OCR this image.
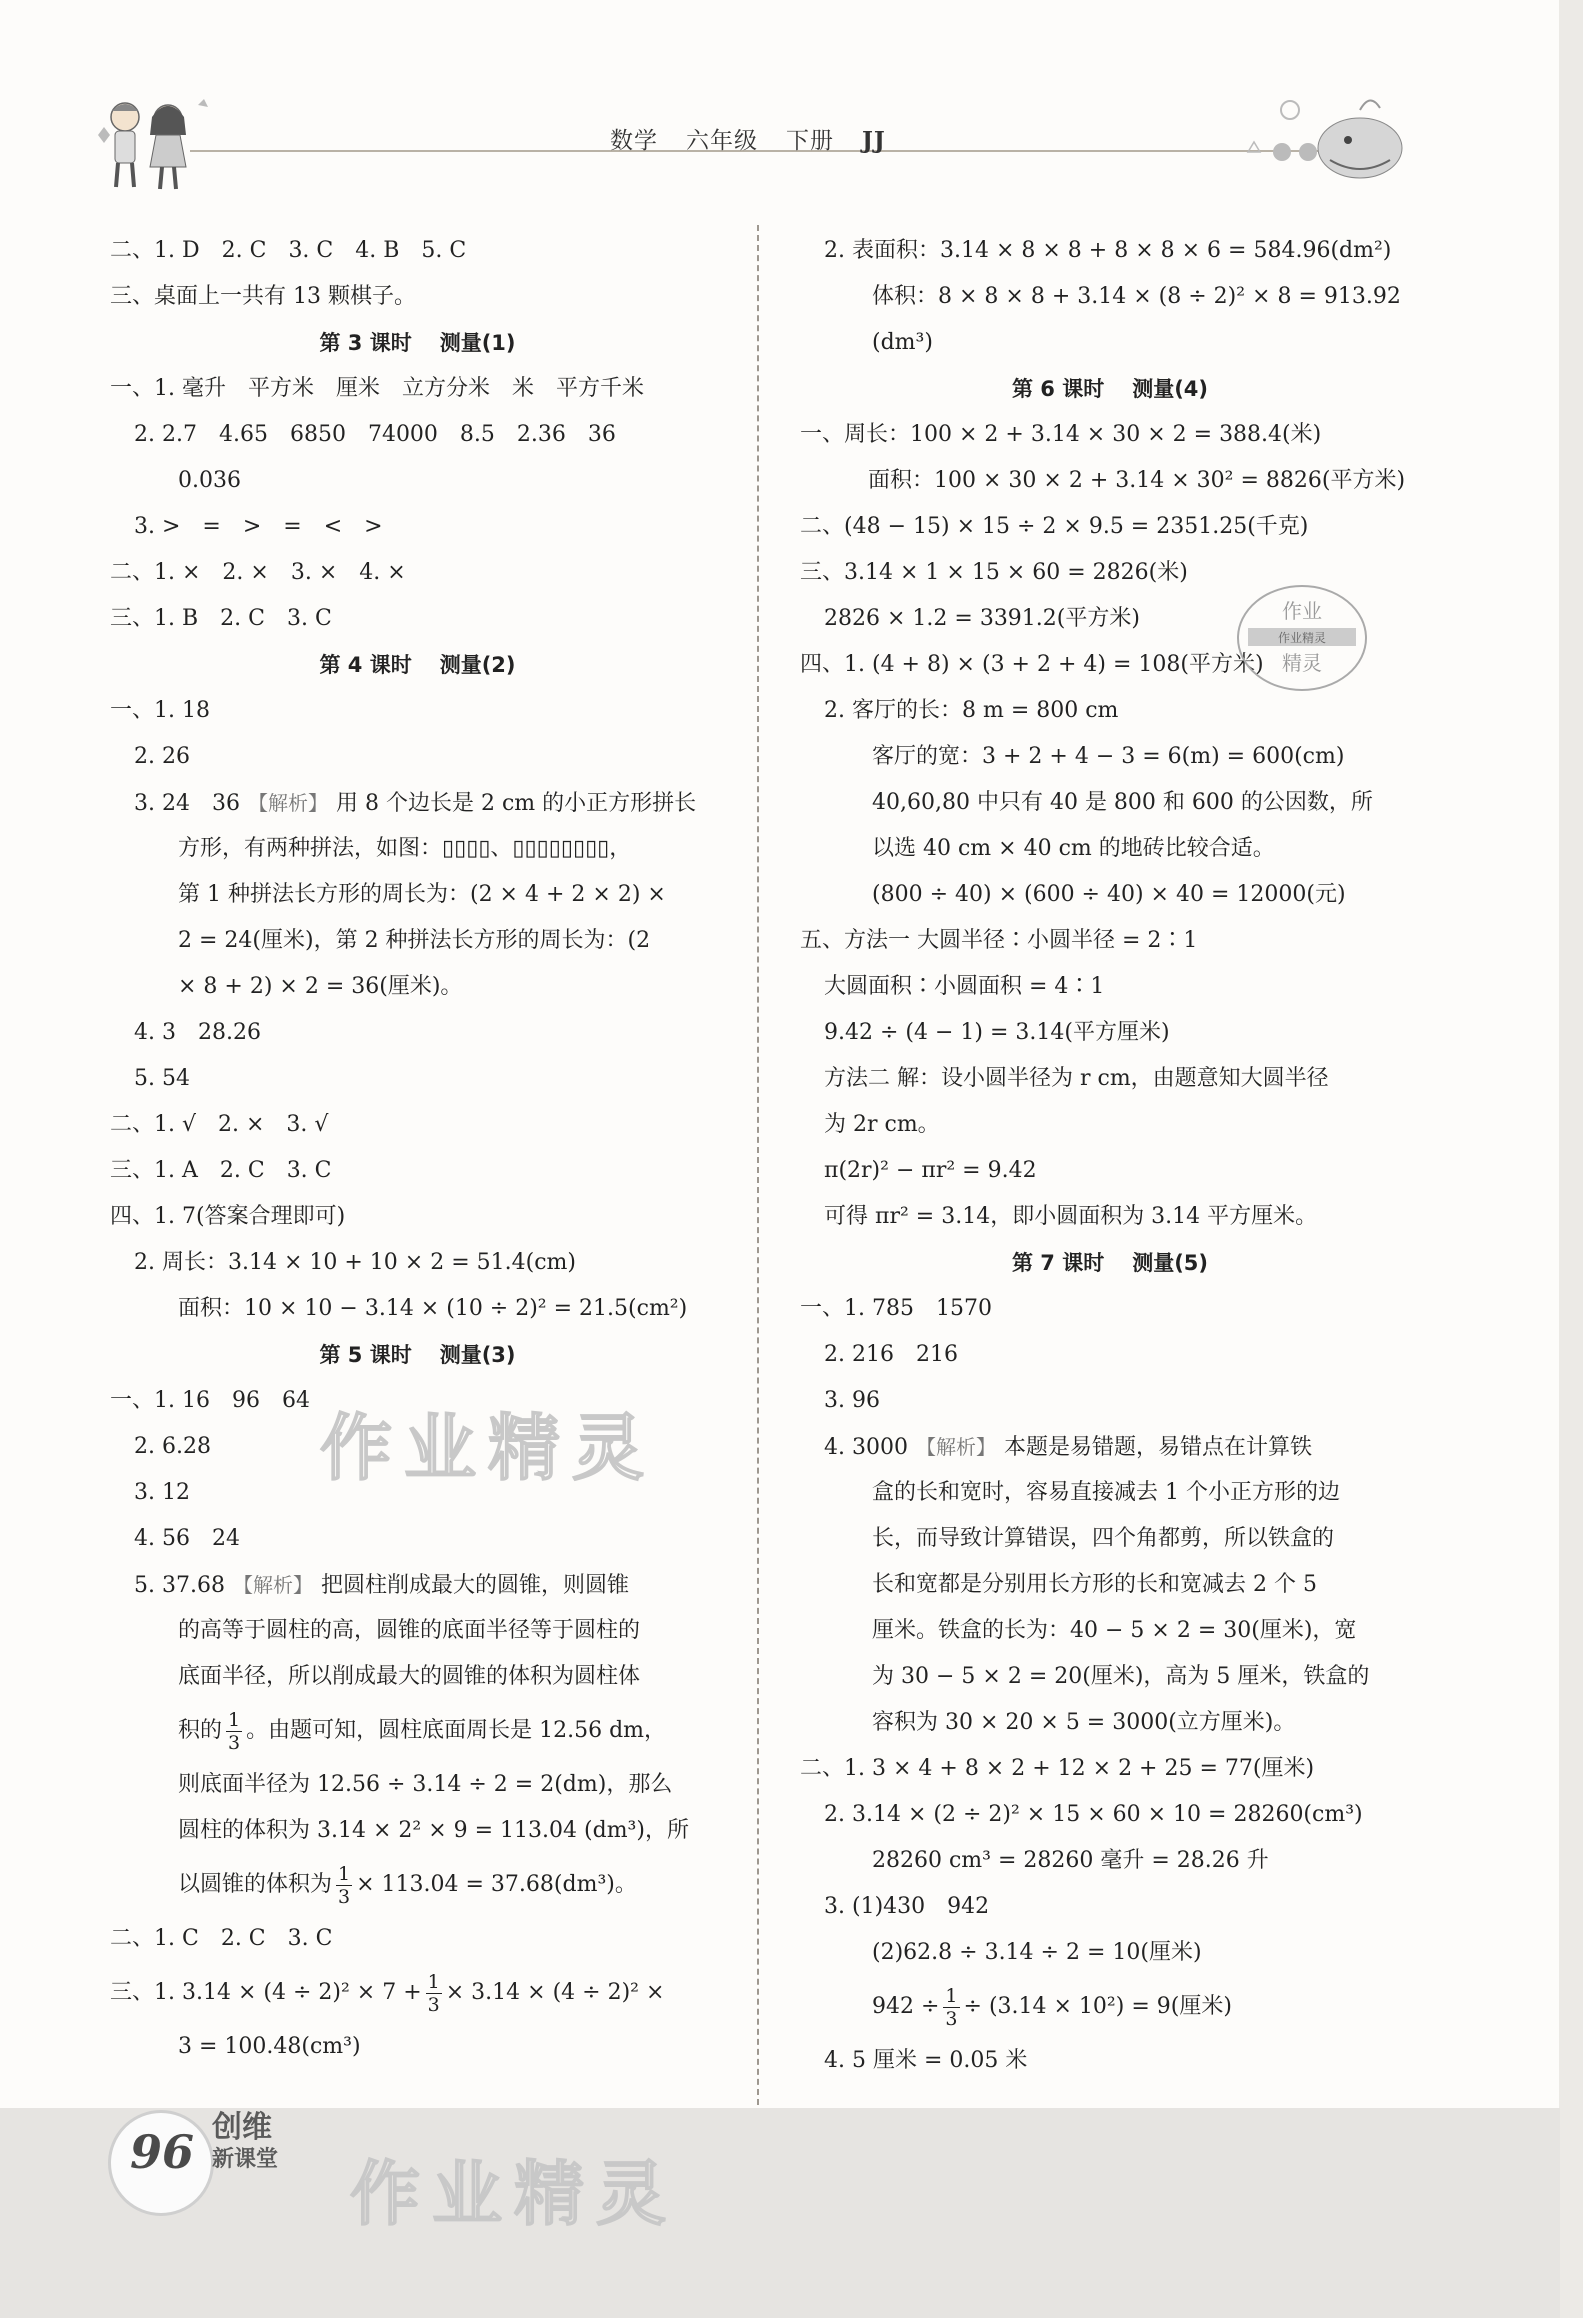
数学 六年级 下册 JJ
二、1. D　2. C　3. C　4. B　5. C
三、桌面上一共有 13 颗棋子。
第 3 课时 测量(1)
一、1. 毫升　平方米　厘米　立方分米　米　平方千米
2. 2.7　4.65　6850　74000　8.5　2.36　36
0.036
3. >　=　>　=　<　>
二、1. ×　2. ×　3. ×　4. ×
三、1. B　2. C　3. C
第 4 课时 测量(2)
一、1. 18
2. 26
3. 24　36 【解析】 用 8 个边长是 2 cm 的小正方形拼长
方形，有两种拼法，如图：▯▯▯▯、▯▯▯▯▯▯▯▯，
第 1 种拼法长方形的周长为：(2 × 4 + 2 × 2) ×
2 = 24(厘米)，第 2 种拼法长方形的周长为：(2
× 8 + 2) × 2 = 36(厘米)。
4. 3　28.26
5. 54
二、1. √　2. ×　3. √
三、1. A　2. C　3. C
四、1. 7(答案合理即可)
2. 周长：3.14 × 10 + 10 × 2 = 51.4(cm)
面积：10 × 10 − 3.14 × (10 ÷ 2)² = 21.5(cm²)
第 5 课时 测量(3)
一、1. 16　96　64
2. 6.28
3. 12
4. 56　24
5. 37.68 【解析】 把圆柱削成最大的圆锥，则圆锥
的高等于圆柱的高，圆锥的底面半径等于圆柱的
底面半径，所以削成最大的圆锥的体积为圆柱体
积的 $\frac{1}{3}$ 。由题可知，圆柱底面周长是 12.56 dm，
则底面半径为 12.56 ÷ 3.14 ÷ 2 = 2(dm)，那么
圆柱的体积为 3.14 × 2² × 9 = 113.04 (dm³)，所
以圆锥的体积为 $\frac{1}{3} \times 113.04 = 37.68(dm^3)$。
二、1. C　2. C　3. C
三、1. $3.14 \times (4 \div 2)^2 \times 7 + \frac{1}{3} \times 3.14 \times (4 \div 2)^2$ ×
3 = 100.48(cm³)
2. 表面积：3.14 × 8 × 8 + 8 × 8 × 6 = 584.96(dm²)
体积：8 × 8 × 8 + 3.14 × (8 ÷ 2)² × 8 = 913.92
(dm³)
第 6 课时 测量(4)
一、周长：100 × 2 + 3.14 × 30 × 2 = 388.4(米)
面积：100 × 30 × 2 + 3.14 × 30² = 8826(平方米)
二、(48 − 15) × 15 ÷ 2 × 9.5 = 2351.25(千克)
三、3.14 × 1 × 15 × 60 = 2826(米)
2826 × 1.2 = 3391.2(平方米)
四、1. (4 + 8) × (3 + 2 + 4) = 108(平方米)
2. 客厅的长：8 m = 800 cm
客厅的宽：3 + 2 + 4 − 3 = 6(m) = 600(cm)
40,60,80 中只有 40 是 800 和 600 的公因数，所
以选 40 cm × 40 cm 的地砖比较合适。
(800 ÷ 40) × (600 ÷ 40) × 40 = 12000(元)
五、方法一 大圆半径∶小圆半径 = 2∶1
大圆面积∶小圆面积 = 4∶1
9.42 ÷ (4 − 1) = 3.14(平方厘米)
方法二 解：设小圆半径为 r cm，由题意知大圆半径
为 2r cm。
π(2r)² − πr² = 9.42
可得 πr² = 3.14，即小圆面积为 3.14 平方厘米。
第 7 课时 测量(5)
一、1. 785　1570
2. 216　216
3. 96
4. 3000 【解析】 本题是易错题，易错点在计算铁
盒的长和宽时，容易直接减去 1 个小正方形的边
长，而导致计算错误，四个角都剪，所以铁盒的
长和宽都是分别用长方形的长和宽减去 2 个 5
厘米。铁盒的长为：40 − 5 × 2 = 30(厘米)，宽
为 30 − 5 × 2 = 20(厘米)，高为 5 厘米，铁盒的
容积为 30 × 20 × 5 = 3000(立方厘米)。
二、1. 3 × 4 + 8 × 2 + 12 × 2 + 25 = 77(厘米)
2. 3.14 × (2 ÷ 2)² × 15 × 60 × 10 = 28260(cm³)
28260 cm³ = 28260 毫升 = 28.26 升
3. (1)430　942
(2)62.8 ÷ 3.14 ÷ 2 = 10(厘米)
$942 \div \frac{1}{3} \div (3.14 \times 10^2) = 9$(厘米)
4. 5 厘米 = 0.05 米
作业
作业精灵
精灵
作业精灵
96 创维
新课堂 作业精灵
